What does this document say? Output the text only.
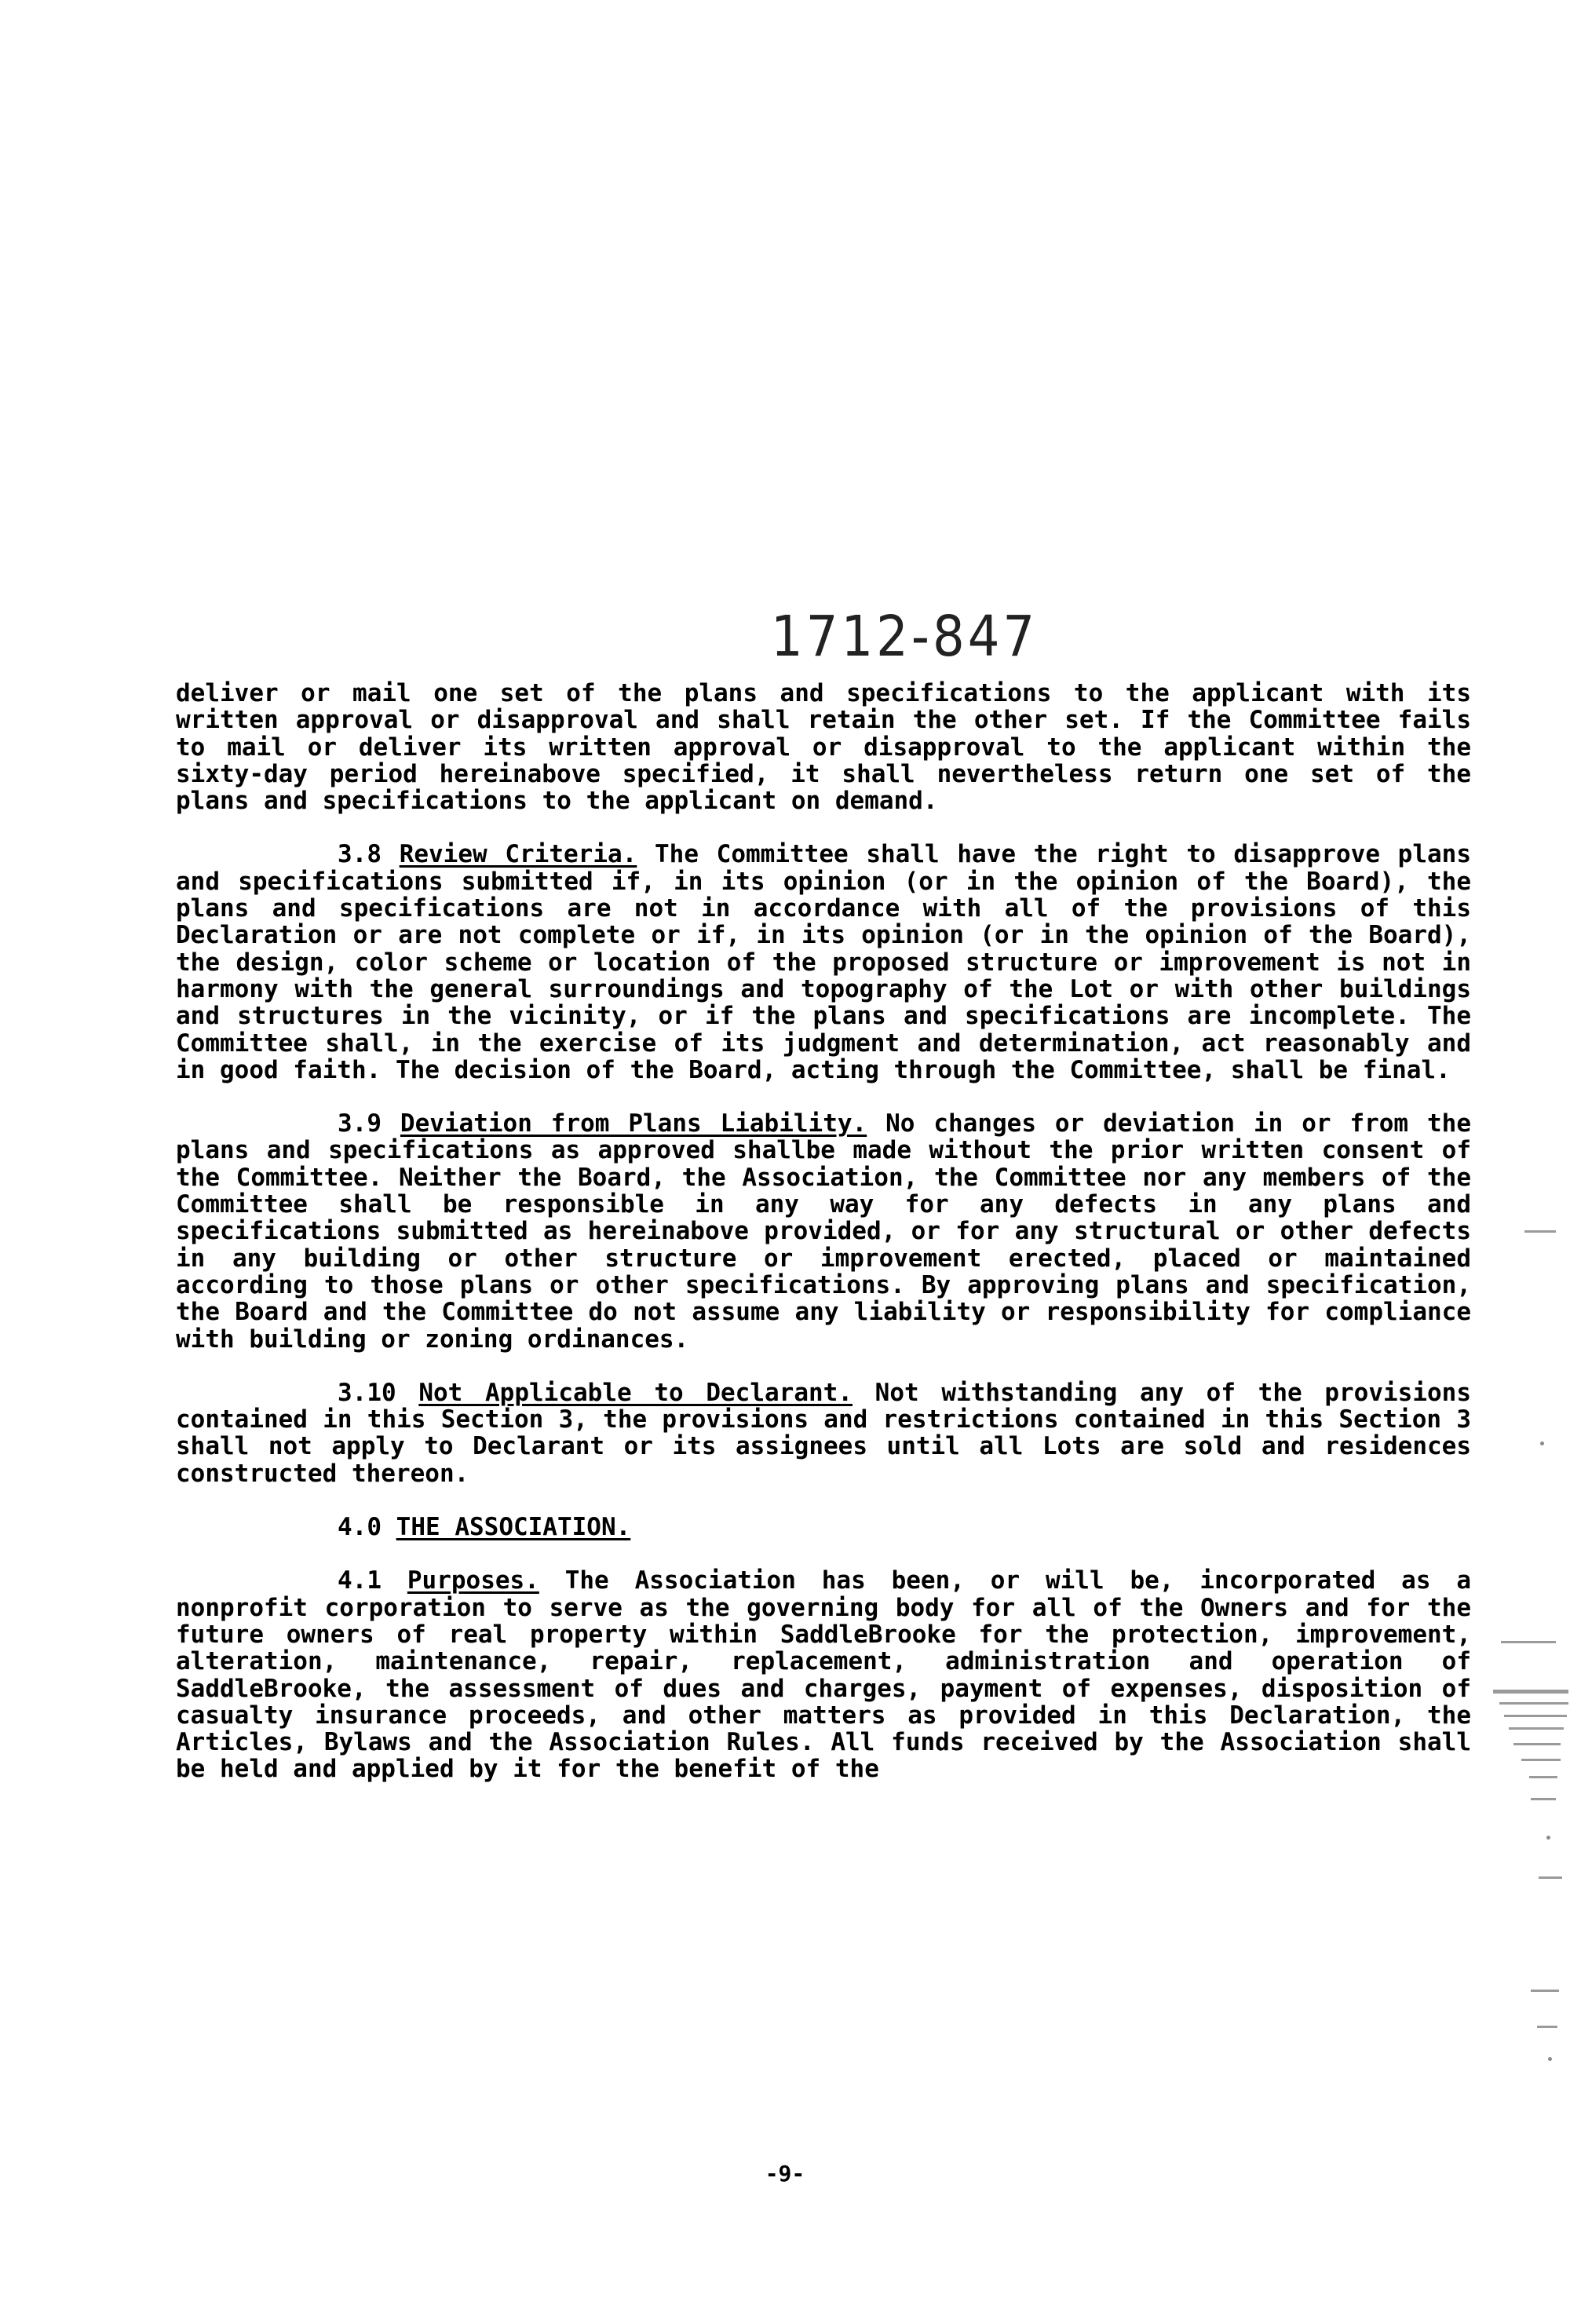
1712-847

deliver or mail one set of the plans and specifications to the applicant with its written approval or disapproval and shall retain the other set. If the Committee fails to mail or deliver its written approval or disapproval to the applicant within the sixty-day period hereinabove specified, it shall nevertheless return one set of the plans and specifications to the applicant on demand.

3.8 Review Criteria. The Committee shall have the right to disapprove plans and specifications submitted if, in its opinion (or in the opinion of the Board), the plans and specifications are not in accordance with all of the provisions of this Declaration or are not complete or if, in its opinion (or in the opinion of the Board), the design, color scheme or location of the proposed structure or improvement is not in harmony with the general surroundings and topography of the Lot or with other buildings and structures in the vicinity, or if the plans and specifications are incomplete. The Committee shall, in the exercise of its judgment and determination, act reasonably and in good faith. The decision of the Board, acting through the Committee, shall be final.

3.9 Deviation from Plans Liability. No changes or deviation in or from the plans and specifications as approved shallbe made without the prior written consent of the Committee. Neither the Board, the Association, the Committee nor any members of the Committee shall be responsible in any way for any defects in any plans and specifications submitted as hereinabove provided, or for any structural or other defects in any building or other structure or improvement erected, placed or maintained according to those plans or other specifications. By approving plans and specification, the Board and the Committee do not assume any liability or responsibility for compliance with building or zoning ordinances.

3.10 Not Applicable to Declarant. Not withstanding any of the provisions contained in this Section 3, the provisions and restrictions contained in this Section 3 shall not apply to Declarant or its assignees until all Lots are sold and residences constructed thereon.

4.0 THE ASSOCIATION.

4.1 Purposes. The Association has been, or will be, incorporated as a nonprofit corporation to serve as the governing body for all of the Owners and for the future owners of real property within SaddleBrooke for the protection, improvement, alteration, maintenance, repair, replacement, administration and operation of SaddleBrooke, the assessment of dues and charges, payment of expenses, disposition of casualty insurance proceeds, and other matters as provided in this Declaration, the Articles, Bylaws and the Association Rules. All funds received by the Association shall be held and applied by it for the benefit of the

-9-
